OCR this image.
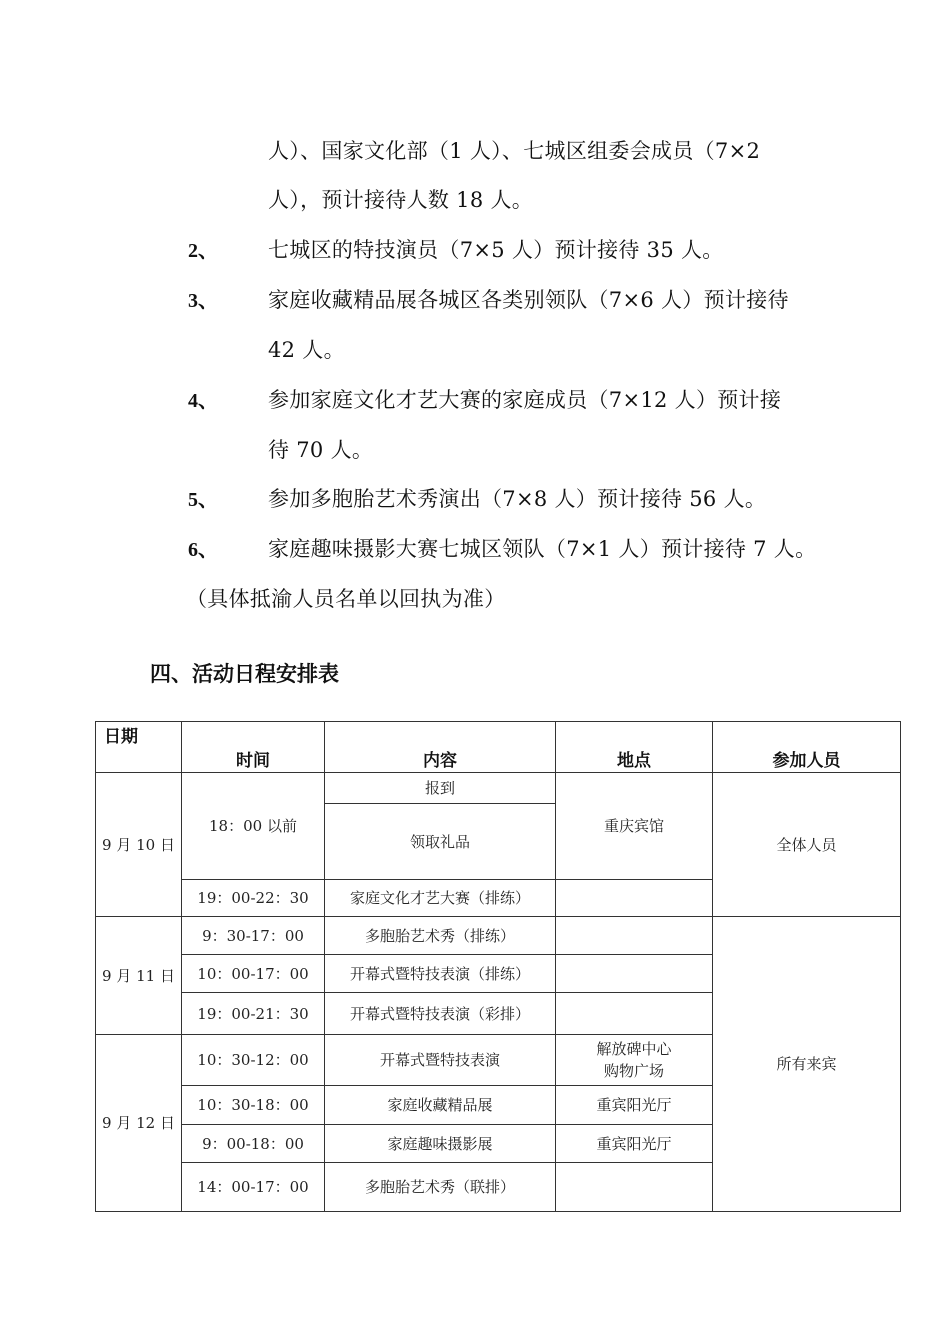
人）、国家文化部（1 人）、七城区组委会成员（7×2
人），预计接待人数 18 人。
2、 七城区的特技演员（7×5 人）预计接待 35 人。
3、 家庭收藏精品展各城区各类别领队（7×6 人）预计接待
42 人。
4、 参加家庭文化才艺大赛的家庭成员（7×12 人）预计接
待 70 人。
5、 参加多胞胎艺术秀演出（7×8 人）预计接待 56 人。
6、 家庭趣味摄影大赛七城区领队（7×1 人）预计接待 7 人。
（具体抵渝人员名单以回执为准）
四、活动日程安排表
日期	时间	内容	地点	参加人员
9 月 10 日	18：00 以前	报到	重庆宾馆	全体人员
		领取礼品		
	19：00-22：30	家庭文化才艺大赛（排练）		
9 月 11 日	9：30-17：00	多胞胎艺术秀（排练）		所有来宾
	10：00-17：00	开幕式暨特技表演（排练）		
	19：00-21：30	开幕式暨特技表演（彩排）		
9 月 12 日	10：30-12：00	开幕式暨特技表演	解放碑中心
购物广场	

	10：30-18：00	家庭收藏精品展	重宾阳光厅	
	9：00-18：00	家庭趣味摄影展	重宾阳光厅	
	14：00-17：00	多胞胎艺术秀（联排）		
